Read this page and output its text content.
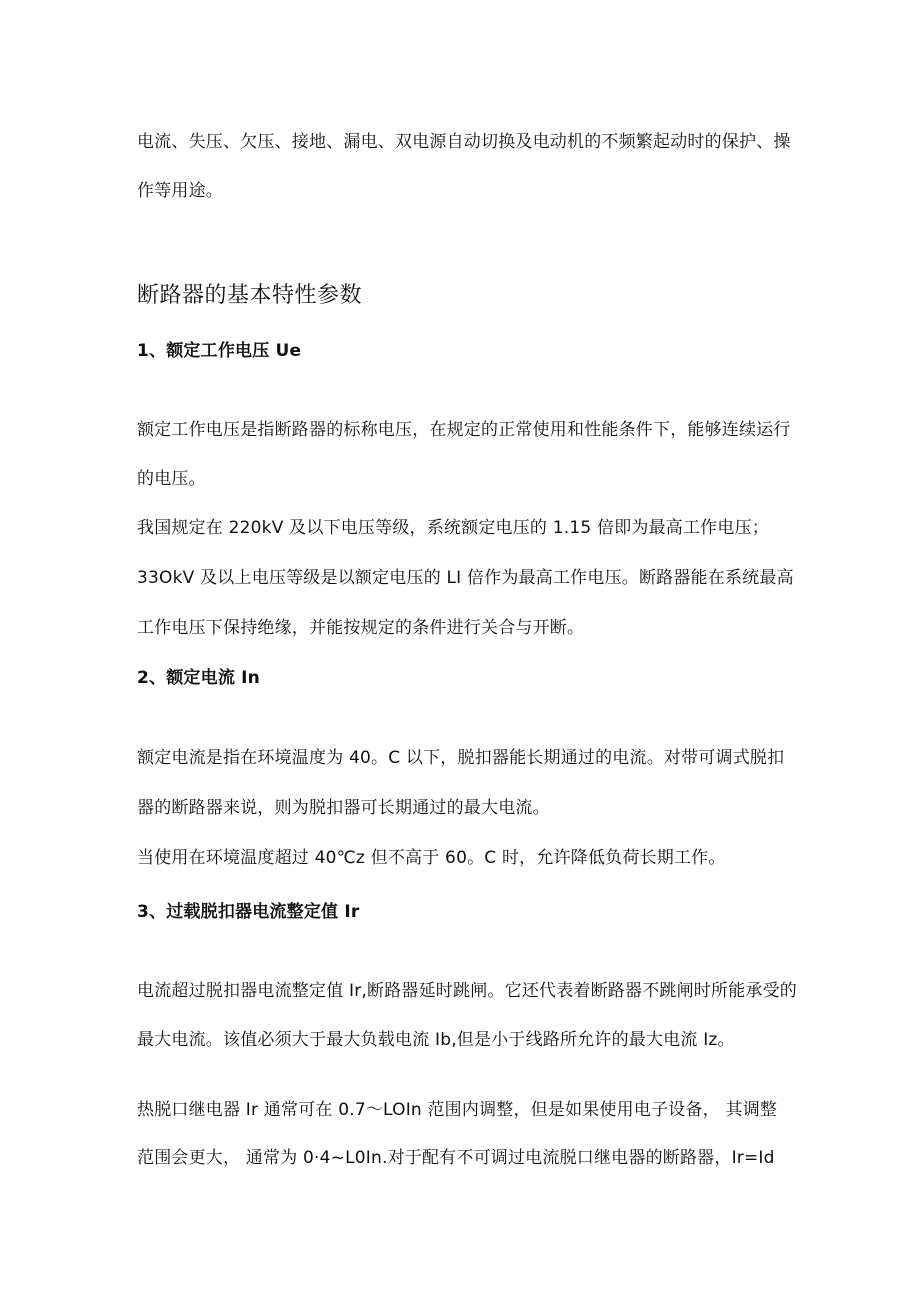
电流、失压、欠压、接地、漏电、双电源自动切换及电动机的不频繁起动时的保护、操
作等用途。
断路器的基本特性参数
1、额定工作电压 Ue
额定工作电压是指断路器的标称电压，在规定的正常使用和性能条件下，能够连续运行
的电压。
我国规定在 220kV 及以下电压等级，系统额定电压的 1.15 倍即为最高工作电压；
33OkV 及以上电压等级是以额定电压的 LI 倍作为最高工作电压。断路器能在系统最高
工作电压下保持绝缘，并能按规定的条件进行关合与开断。
2、额定电流 In
额定电流是指在环境温度为 40。C 以下，脱扣器能长期通过的电流。对带可调式脱扣
器的断路器来说，则为脱扣器可长期通过的最大电流。
当使用在环境温度超过 40℃z 但不高于 60。C 时，允许降低负荷长期工作。
3、过载脱扣器电流整定值 Ir
电流超过脱扣器电流整定值 Ir,断路器延时跳闸。它还代表着断路器不跳闸时所能承受的
最大电流。该值必须大于最大负载电流 Ib,但是小于线路所允许的最大电流 Iz。
热脱口继电器 Ir 通常可在 0.7～LOIn 范围内调整，但是如果使用电子设备， 其调整
范围会更大， 通常为 0·4~L0In.对于配有不可调过电流脱口继电器的断路器，Ir=Id
